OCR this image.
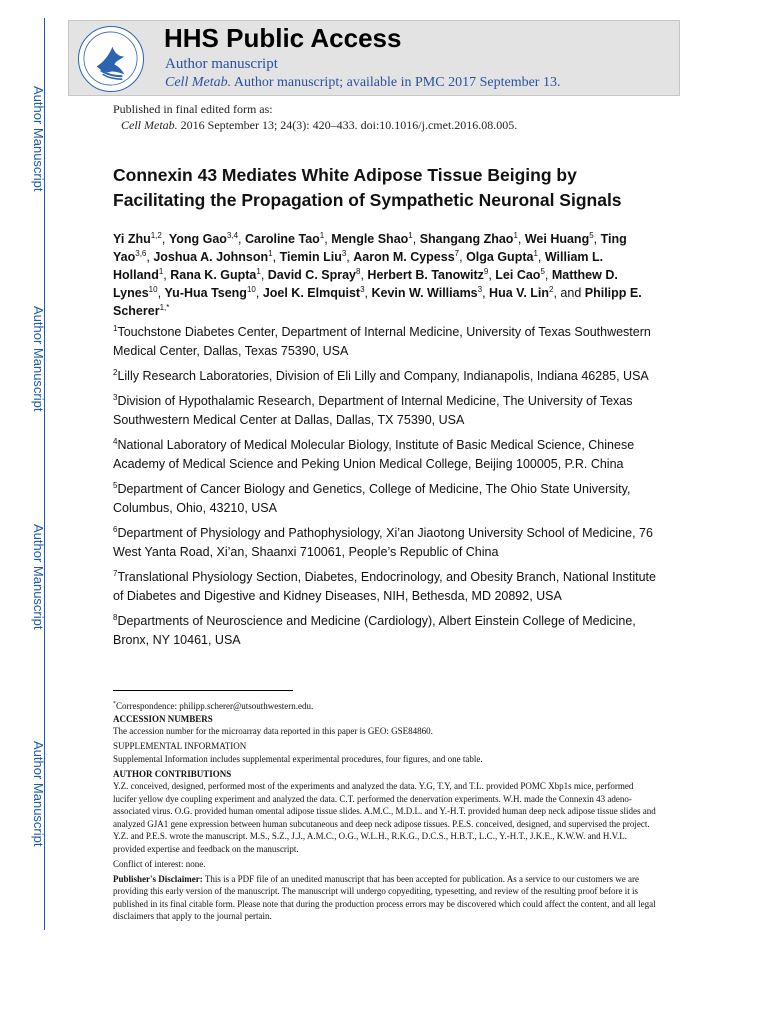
Author Manuscript
Author Manuscript
Author Manuscript
Author Manuscript
HHS Public Access
Author manuscript
Cell Metab. Author manuscript; available in PMC 2017 September 13.
Published in final edited form as:
Cell Metab. 2016 September 13; 24(3): 420–433. doi:10.1016/j.cmet.2016.08.005.
Connexin 43 Mediates White Adipose Tissue Beiging by Facilitating the Propagation of Sympathetic Neuronal Signals
Yi Zhu$^{1,2}$, Yong Gao$^{3,4}$, Caroline Tao$^1$, Mengle Shao$^1$, Shangang Zhao$^1$, Wei Huang$^5$, Ting Yao$^{3,6}$, Joshua A. Johnson$^1$, Tiemin Liu$^3$, Aaron M. Cypess$^7$, Olga Gupta$^1$, William L. Holland$^1$, Rana K. Gupta$^1$, David C. Spray$^8$, Herbert B. Tanowitz$^9$, Lei Cao$^5$, Matthew D. Lynes$^{10}$, Yu-Hua Tseng$^{10}$, Joel K. Elmquist$^3$, Kevin W. Williams$^3$, Hua V. Lin$^2$, and Philipp E. Scherer$^{1,*}$
$^1$Touchstone Diabetes Center, Department of Internal Medicine, University of Texas Southwestern Medical Center, Dallas, Texas 75390, USA
$^2$Lilly Research Laboratories, Division of Eli Lilly and Company, Indianapolis, Indiana 46285, USA
$^3$Division of Hypothalamic Research, Department of Internal Medicine, The University of Texas Southwestern Medical Center at Dallas, Dallas, TX 75390, USA
$^4$National Laboratory of Medical Molecular Biology, Institute of Basic Medical Science, Chinese Academy of Medical Science and Peking Union Medical College, Beijing 100005, P.R. China
$^5$Department of Cancer Biology and Genetics, College of Medicine, The Ohio State University, Columbus, Ohio, 43210, USA
$^6$Department of Physiology and Pathophysiology, Xi’an Jiaotong University School of Medicine, 76 West Yanta Road, Xi’an, Shaanxi 710061, People’s Republic of China
$^7$Translational Physiology Section, Diabetes, Endocrinology, and Obesity Branch, National Institute of Diabetes and Digestive and Kidney Diseases, NIH, Bethesda, MD 20892, USA
$^8$Departments of Neuroscience and Medicine (Cardiology), Albert Einstein College of Medicine, Bronx, NY 10461, USA
*Correspondence: philipp.scherer@utsouthwestern.edu.
ACCESSION NUMBERS
The accession number for the microarray data reported in this paper is GEO: GSE84860.
SUPPLEMENTAL INFORMATION
Supplemental Information includes supplemental experimental procedures, four figures, and one table.
AUTHOR CONTRIBUTIONS
Y.Z. conceived, designed, performed most of the experiments and analyzed the data. Y.G, T.Y, and T.L. provided POMC Xbp1s mice, performed lucifer yellow dye coupling experiment and analyzed the data. C.T. performed the denervation experiments. W.H. made the Connexin 43 adeno-associated virus. O.G. provided human omental adipose tissue slides. A.M.C., M.D.L. and Y.-H.T. provided human deep neck adipose tissue slides and analyzed GJA1 gene expression between human subcutaneous and deep neck adipose tissues. P.E.S. conceived, designed, and supervised the project. Y.Z. and P.E.S. wrote the manuscript. M.S., S.Z., J.J., A.M.C., O.G., W.L.H., R.K.G., D.C.S., H.B.T., L.C., Y.-H.T., J.K.E., K.W.W. and H.V.L. provided expertise and feedback on the manuscript.
Conflict of interest: none.
Publisher's Disclaimer: This is a PDF file of an unedited manuscript that has been accepted for publication. As a service to our customers we are providing this early version of the manuscript. The manuscript will undergo copyediting, typesetting, and review of the resulting proof before it is published in its final citable form. Please note that during the production process errors may be discovered which could affect the content, and all legal disclaimers that apply to the journal pertain.
